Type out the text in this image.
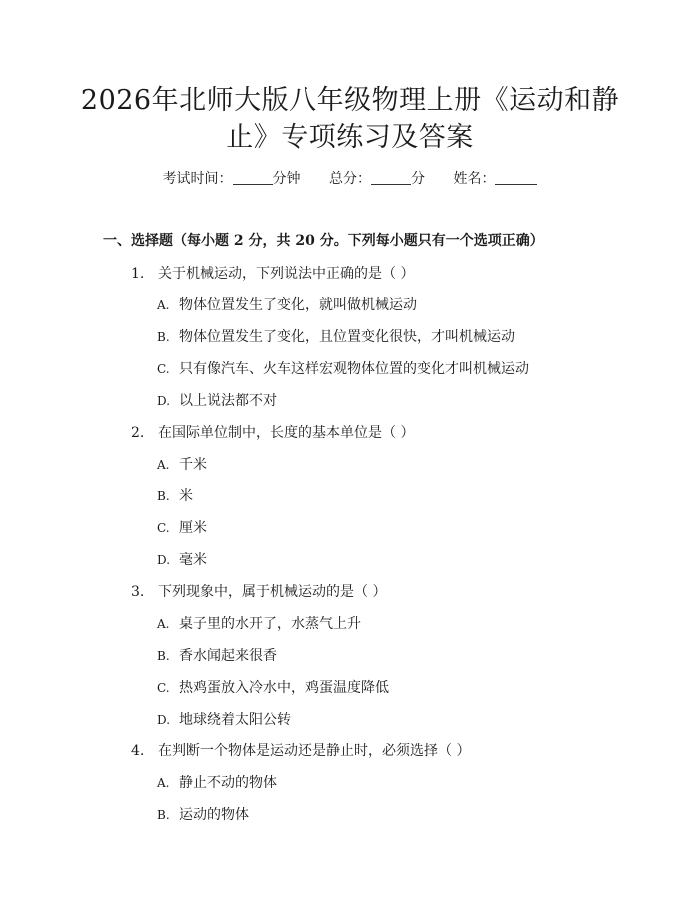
2026年北师大版八年级物理上册《运动和静
止》专项练习及答案
考试时间：	分钟 总分：	分 姓名：
一、选择题（每小题 2 分，共 20 分。下列每小题只有一个选项正确）
1. 关于机械运动，下列说法中正确的是（ ）
A. 物体位置发生了变化，就叫做机械运动
B. 物体位置发生了变化，且位置变化很快，才叫机械运动
C. 只有像汽车、火车这样宏观物体位置的变化才叫机械运动
D. 以上说法都不对
2. 在国际单位制中，长度的基本单位是（ ）
A. 千米
B. 米
C. 厘米
D. 毫米
3. 下列现象中，属于机械运动的是（ ）
A. 桌子里的水开了，水蒸气上升
B. 香水闻起来很香
C. 热鸡蛋放入冷水中，鸡蛋温度降低
D. 地球绕着太阳公转
4. 在判断一个物体是运动还是静止时，必须选择（ ）
A. 静止不动的物体
B. 运动的物体
